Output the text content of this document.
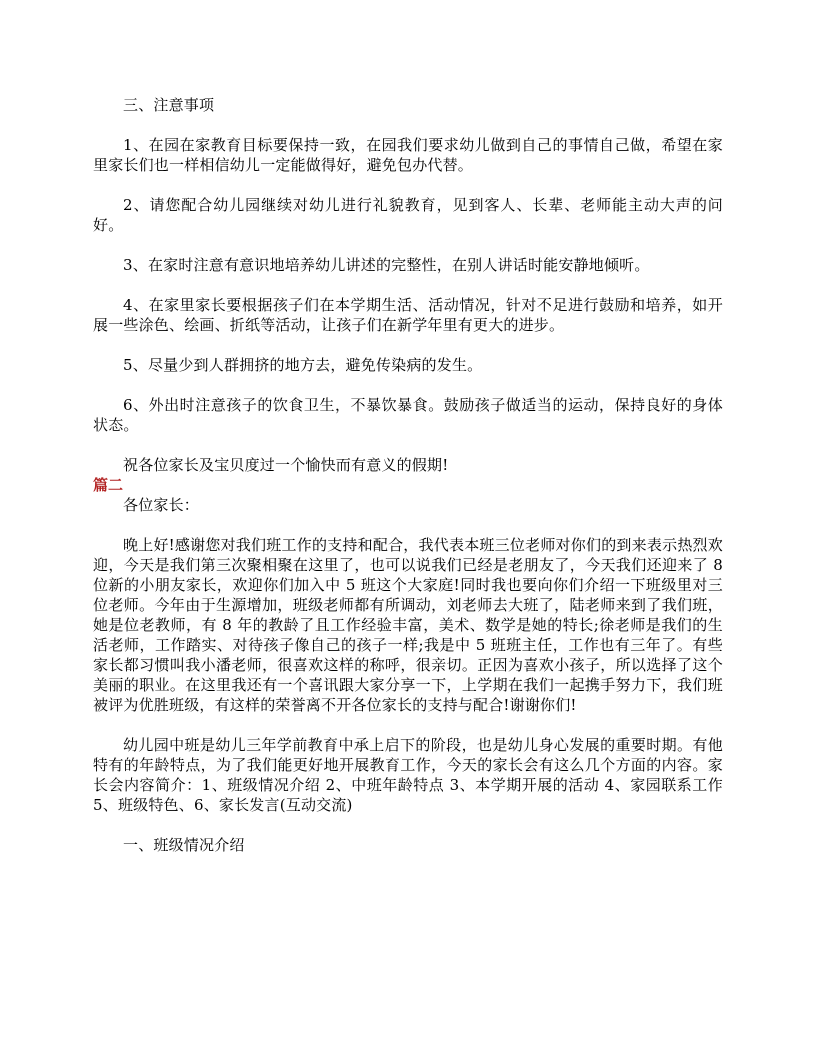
三、注意事项

1、在园在家教育目标要保持一致，在园我们要求幼儿做到自己的事情自己做，希望在家里家长们也一样相信幼儿一定能做得好，避免包办代替。

2、请您配合幼儿园继续对幼儿进行礼貌教育，见到客人、长辈、老师能主动大声的问好。

3、在家时注意有意识地培养幼儿讲述的完整性，在别人讲话时能安静地倾听。

4、在家里家长要根据孩子们在本学期生活、活动情况，针对不足进行鼓励和培养，如开展一些涂色、绘画、折纸等活动，让孩子们在新学年里有更大的进步。

5、尽量少到人群拥挤的地方去，避免传染病的发生。

6、外出时注意孩子的饮食卫生，不暴饮暴食。鼓励孩子做适当的运动，保持良好的身体状态。

祝各位家长及宝贝度过一个愉快而有意义的假期!

篇二

各位家长：

晚上好!感谢您对我们班工作的支持和配合，我代表本班三位老师对你们的到来表示热烈欢迎，今天是我们第三次聚相聚在这里了，也可以说我们已经是老朋友了，今天我们还迎来了 8 位新的小朋友家长，欢迎你们加入中 5 班这个大家庭!同时我也要向你们介绍一下班级里对三位老师。今年由于生源增加，班级老师都有所调动，刘老师去大班了，陆老师来到了我们班，她是位老教师，有 8 年的教龄了且工作经验丰富，美术、数学是她的特长;徐老师是我们的生活老师，工作踏实、对待孩子像自己的孩子一样;我是中 5 班班主任，工作也有三年了。有些家长都习惯叫我小潘老师，很喜欢这样的称呼，很亲切。正因为喜欢小孩子，所以选择了这个美丽的职业。在这里我还有一个喜讯跟大家分享一下，上学期在我们一起携手努力下，我们班被评为优胜班级，有这样的荣誉离不开各位家长的支持与配合!谢谢你们!

幼儿园中班是幼儿三年学前教育中承上启下的阶段，也是幼儿身心发展的重要时期。有他特有的年龄特点，为了我们能更好地开展教育工作，今天的家长会有这么几个方面的内容。家长会内容简介：1、班级情况介绍 2、中班年龄特点 3、本学期开展的活动 4、家园联系工作 5、班级特色、6、家长发言(互动交流)

一、班级情况介绍
